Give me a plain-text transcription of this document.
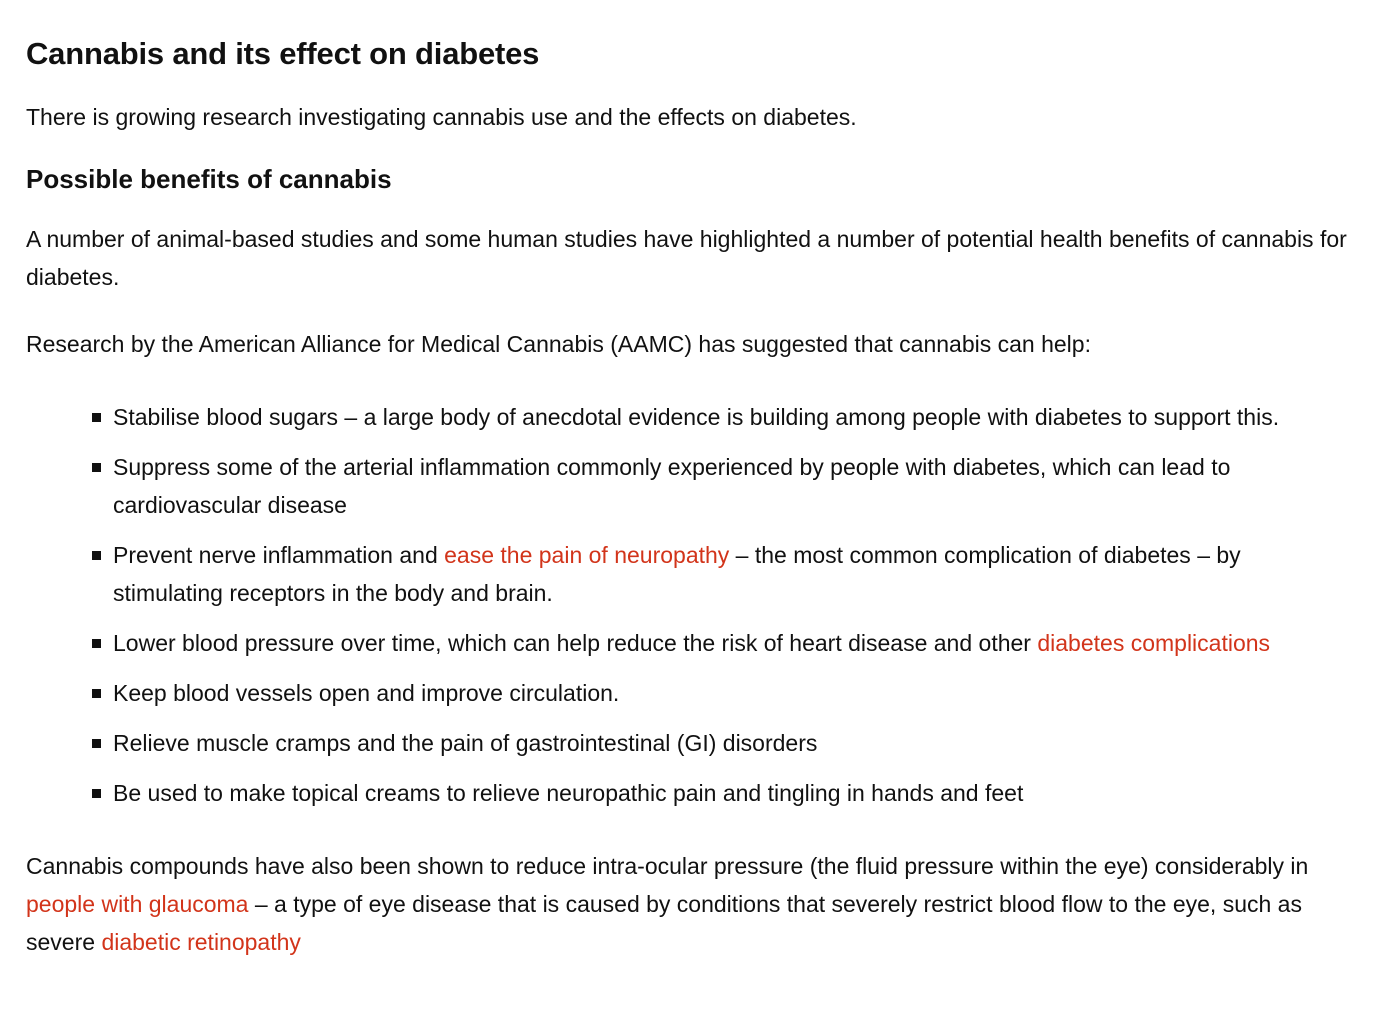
Cannabis and its effect on diabetes

There is growing research investigating cannabis use and the effects on diabetes.

Possible benefits of cannabis

A number of animal-based studies and some human studies have highlighted a number of potential health benefits of cannabis for diabetes.

Research by the American Alliance for Medical Cannabis (AAMC) has suggested that cannabis can help:

Stabilise blood sugars – a large body of anecdotal evidence is building among people with diabetes to support this.
Suppress some of the arterial inflammation commonly experienced by people with diabetes, which can lead to cardiovascular disease
Prevent nerve inflammation and ease the pain of neuropathy – the most common complication of diabetes – by stimulating receptors in the body and brain.
Lower blood pressure over time, which can help reduce the risk of heart disease and other diabetes complications
Keep blood vessels open and improve circulation.
Relieve muscle cramps and the pain of gastrointestinal (GI) disorders
Be used to make topical creams to relieve neuropathic pain and tingling in hands and feet

Cannabis compounds have also been shown to reduce intra-ocular pressure (the fluid pressure within the eye) considerably in people with glaucoma – a type of eye disease that is caused by conditions that severely restrict blood flow to the eye, such as severe diabetic retinopathy
